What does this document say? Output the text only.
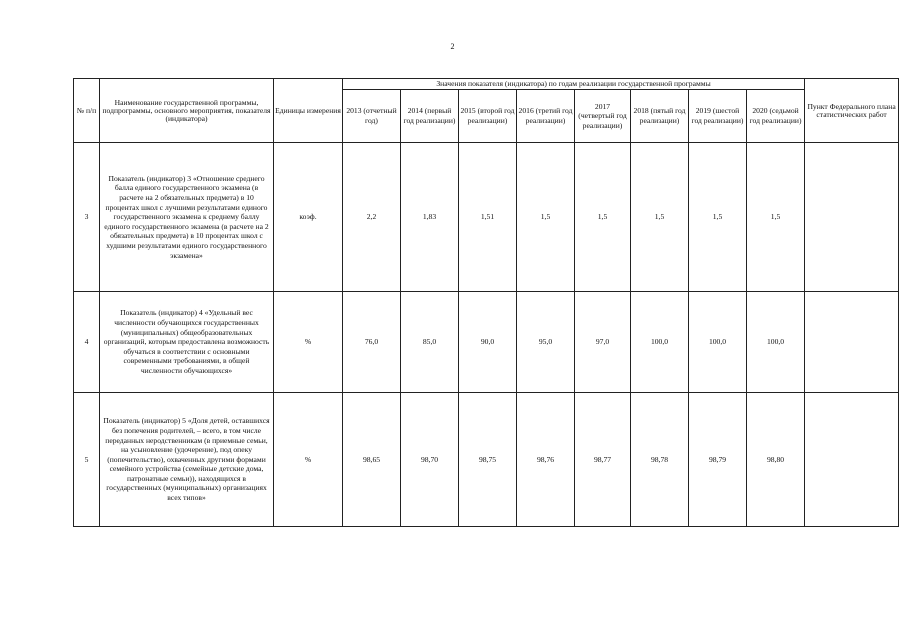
2
№ п/п	Наименование государственной программы, подпрограммы, основного мероприятия, показателя (индикатора)	Единицы измерения	Значения показателя (индикатора) по годам реализации государственной программы								Пункт Федерального плана статистических работ
			2013 (отчетный год)	2014 (первый год реализации)	2015 (второй год реализации)	2016 (третий год реализации)	2017 (четвертый год реализации)	2018 (пятый год реализации)	2019 (шестой год реализации)	2020 (седьмой год реализации)	
3	Показатель (индикатор) 3 «Отношение среднего балла единого государственного экзамена (в расчете на 2 обязательных предмета) в 10 процентах школ с лучшими результатами единого государственного экзамена к среднему баллу единого государственного экзамена (в расчете на 2 обязательных предмета) в 10 процентах школ с худшими результатами единого государственного экзамена»	коэф.	2,2	1,83	1,51	1,5	1,5	1,5	1,5	1,5	
4	Показатель (индикатор) 4 «Удельный вес численности обучающихся государственных (муниципальных) общеобразовательных организаций, которым предоставлена возможность обучаться в соответствии с основными современными требованиями, в общей численности обучающихся»	%	76,0	85,0	90,0	95,0	97,0	100,0	100,0	100,0	
5	Показатель (индикатор) 5 «Доля детей, оставшихся без попечения родителей, – всего, в том числе переданных неродственникам (в приемные семьи, на усыновление (удочерение), под опеку (попечительство), охваченных другими формами семейного устройства (семейные детские дома, патронатные семьи)), находящихся в государственных (муниципальных) организациях всех типов»	%	98,65	98,70	98,75	98,76	98,77	98,78	98,79	98,80	
